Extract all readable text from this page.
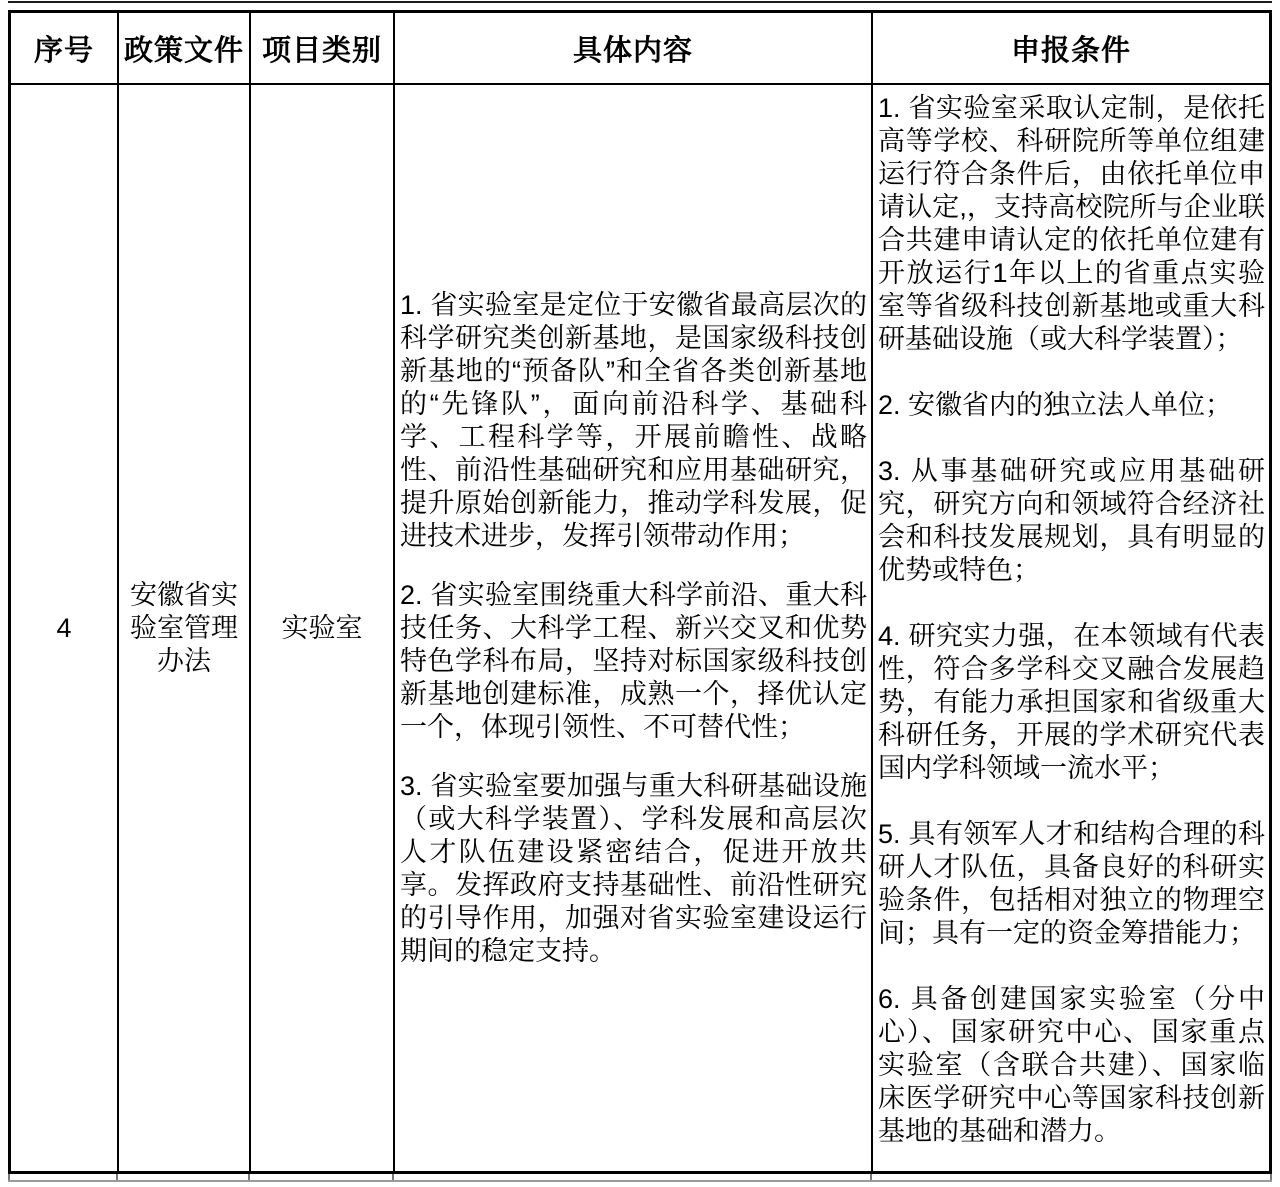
序号 政策文件 项目类别	具体内容	申报条件
4
安徽省实验室管理办法
实验室

1. 省实验室是定位于安徽省最高层次的科学研究类创新基地，是国家级科技创新基地的“预备队”和全省各类创新基地的“先锋队”，面向前沿科学、基础科学、工程科学等，开展前瞻性、战略性、前沿性基础研究和应用基础研究，提升原始创新能力，推动学科发展，促进技术进步，发挥引领带动作用；

2. 省实验室围绕重大科学前沿、重大科技任务、大科学工程、新兴交叉和优势特色学科布局，坚持对标国家级科技创新基地创建标准，成熟一个，择优认定一个，体现引领性、不可替代性；

3. 省实验室要加强与重大科研基础设施（或大科学装置）、学科发展和高层次人才队伍建设紧密结合，促进开放共享。发挥政府支持基础性、前沿性研究的引导作用，加强对省实验室建设运行期间的稳定支持。

1. 省实验室采取认定制，是依托高等学校、科研院所等单位组建运行符合条件后，由依托单位申请认定,，支持高校院所与企业联合共建申请认定的依托单位建有开放运行1年以上的省重点实验室等省级科技创新基地或重大科研基础设施（或大科学装置）；

2. 安徽省内的独立法人单位；

3. 从事基础研究或应用基础研究，研究方向和领域符合经济社会和科技发展规划，具有明显的优势或特色；

4. 研究实力强，在本领域有代表性，符合多学科交叉融合发展趋势，有能力承担国家和省级重大科研任务，开展的学术研究代表国内学科领域一流水平；

5. 具有领军人才和结构合理的科研人才队伍，具备良好的科研实验条件，包括相对独立的物理空间；具有一定的资金筹措能力；

6. 具备创建国家实验室（分中心）、国家研究中心、国家重点实验室（含联合共建）、国家临床医学研究中心等国家科技创新基地的基础和潜力。
